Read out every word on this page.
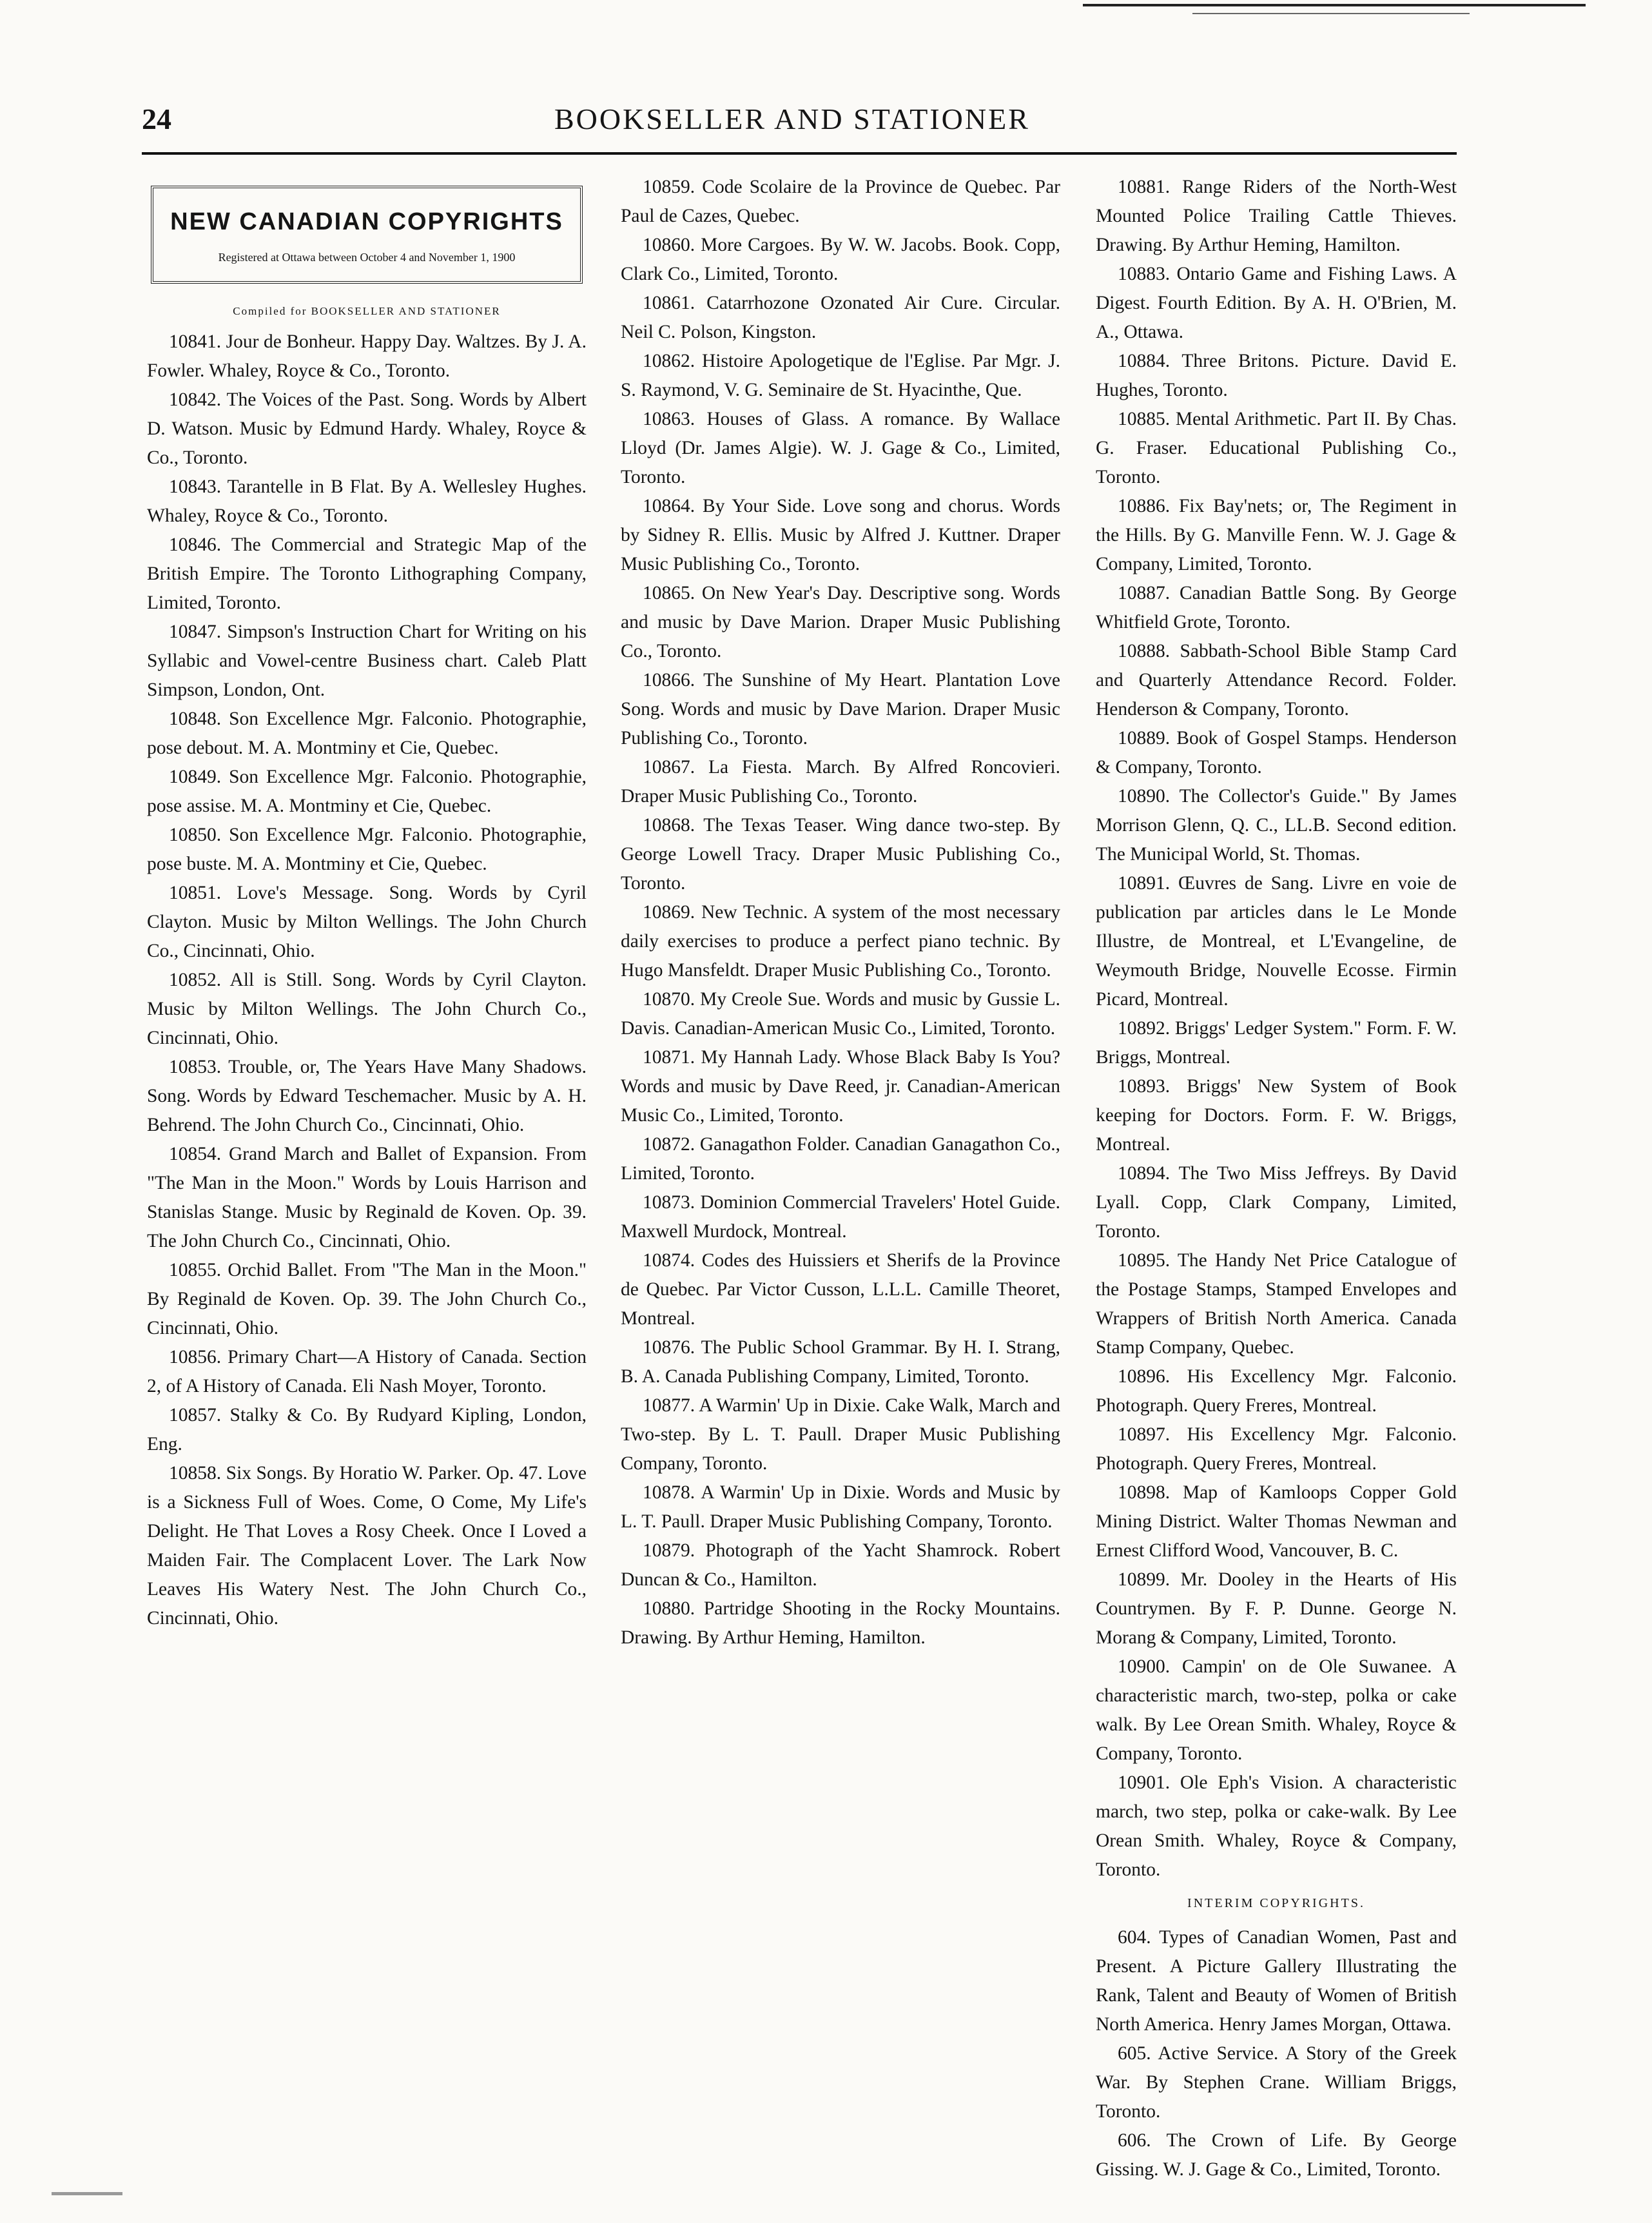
24	BOOKSELLER AND STATIONER
NEW CANADIAN COPYRIGHTS
Registered at Ottawa between October 4 and November 1, 1900
Compiled for BOOKSELLER AND STATIONER

10841. Jour de Bonheur. Happy Day. Waltzes. By J. A. Fowler. Whaley, Royce & Co., Toronto.

10842. The Voices of the Past. Song. Words by Albert D. Watson. Music by Edmund Hardy. Whaley, Royce & Co., Toronto.

10843. Tarantelle in B Flat. By A. Wellesley Hughes. Whaley, Royce & Co., Toronto.

10846. The Commercial and Strategic Map of the British Empire. The Toronto Lithographing Company, Limited, Toronto.

10847. Simpson's Instruction Chart for Writing on his Syllabic and Vowel-centre Business chart. Caleb Platt Simpson, London, Ont.

10848. Son Excellence Mgr. Falconio. Photographie, pose debout. M. A. Montminy et Cie, Quebec.

10849. Son Excellence Mgr. Falconio. Photographie, pose assise. M. A. Montminy et Cie, Quebec.

10850. Son Excellence Mgr. Falconio. Photographie, pose buste. M. A. Montminy et Cie, Quebec.

10851. Love's Message. Song. Words by Cyril Clayton. Music by Milton Wellings. The John Church Co., Cincinnati, Ohio.

10852. All is Still. Song. Words by Cyril Clayton. Music by Milton Wellings. The John Church Co., Cincinnati, Ohio.

10853. Trouble, or, The Years Have Many Shadows. Song. Words by Edward Teschemacher. Music by A. H. Behrend. The John Church Co., Cincinnati, Ohio.

10854. Grand March and Ballet of Expansion. From "The Man in the Moon." Words by Louis Harrison and Stanislas Stange. Music by Reginald de Koven. Op. 39. The John Church Co., Cincinnati, Ohio.

10855. Orchid Ballet. From "The Man in the Moon." By Reginald de Koven. Op. 39. The John Church Co., Cincinnati, Ohio.

10856. Primary Chart—A History of Canada. Section 2, of A History of Canada. Eli Nash Moyer, Toronto.

10857. Stalky & Co. By Rudyard Kipling, London, Eng.

10858. Six Songs. By Horatio W. Parker. Op. 47. Love is a Sickness Full of Woes. Come, O Come, My Life's Delight. He That Loves a Rosy Cheek. Once I Loved a Maiden Fair. The Complacent Lover. The Lark Now Leaves His Watery Nest. The John Church Co., Cincinnati, Ohio.

10859. Code Scolaire de la Province de Quebec. Par Paul de Cazes, Quebec.

10860. More Cargoes. By W. W. Jacobs. Book. Copp, Clark Co., Limited, Toronto.

10861. Catarrhozone Ozonated Air Cure. Circular. Neil C. Polson, Kingston.

10862. Histoire Apologetique de l'Eglise. Par Mgr. J. S. Raymond, V. G. Seminaire de St. Hyacinthe, Que.

10863. Houses of Glass. A romance. By Wallace Lloyd (Dr. James Algie). W. J. Gage & Co., Limited, Toronto.

10864. By Your Side. Love song and chorus. Words by Sidney R. Ellis. Music by Alfred J. Kuttner. Draper Music Publishing Co., Toronto.

10865. On New Year's Day. Descriptive song. Words and music by Dave Marion. Draper Music Publishing Co., Toronto.

10866. The Sunshine of My Heart. Plantation Love Song. Words and music by Dave Marion. Draper Music Publishing Co., Toronto.

10867. La Fiesta. March. By Alfred Roncovieri. Draper Music Publishing Co., Toronto.

10868. The Texas Teaser. Wing dance two-step. By George Lowell Tracy. Draper Music Publishing Co., Toronto.

10869. New Technic. A system of the most necessary daily exercises to produce a perfect piano technic. By Hugo Mansfeldt. Draper Music Publishing Co., Toronto.

10870. My Creole Sue. Words and music by Gussie L. Davis. Canadian-American Music Co., Limited, Toronto.

10871. My Hannah Lady. Whose Black Baby Is You? Words and music by Dave Reed, jr. Canadian-American Music Co., Limited, Toronto.

10872. Ganagathon Folder. Canadian Ganagathon Co., Limited, Toronto.

10873. Dominion Commercial Travelers' Hotel Guide. Maxwell Murdock, Montreal.

10874. Codes des Huissiers et Sherifs de la Province de Quebec. Par Victor Cusson, L.L.L. Camille Theoret, Montreal.

10876. The Public School Grammar. By H. I. Strang, B. A. Canada Publishing Company, Limited, Toronto.

10877. A Warmin' Up in Dixie. Cake Walk, March and Two-step. By L. T. Paull. Draper Music Publishing Company, Toronto.

10878. A Warmin' Up in Dixie. Words and Music by L. T. Paull. Draper Music Publishing Company, Toronto.

10879. Photograph of the Yacht Shamrock. Robert Duncan & Co., Hamilton.

10880. Partridge Shooting in the Rocky Mountains. Drawing. By Arthur Heming, Hamilton.

10881. Range Riders of the North-West Mounted Police Trailing Cattle Thieves. Drawing. By Arthur Heming, Hamilton.

10883. Ontario Game and Fishing Laws. A Digest. Fourth Edition. By A. H. O'Brien, M. A., Ottawa.

10884. Three Britons. Picture. David E. Hughes, Toronto.

10885. Mental Arithmetic. Part II. By Chas. G. Fraser. Educational Publishing Co., Toronto.

10886. Fix Bay'nets; or, The Regiment in the Hills. By G. Manville Fenn. W. J. Gage & Company, Limited, Toronto.

10887. Canadian Battle Song. By George Whitfield Grote, Toronto.

10888. Sabbath-School Bible Stamp Card and Quarterly Attendance Record. Folder. Henderson & Company, Toronto.

10889. Book of Gospel Stamps. Henderson & Company, Toronto.

10890. The Collector's Guide." By James Morrison Glenn, Q. C., LL.B. Second edition. The Municipal World, St. Thomas.

10891. Œuvres de Sang. Livre en voie de publication par articles dans le Le Monde Illustre, de Montreal, et L'Evangeline, de Weymouth Bridge, Nouvelle Ecosse. Firmin Picard, Montreal.

10892. Briggs' Ledger System." Form. F. W. Briggs, Montreal.

10893. Briggs' New System of Book keeping for Doctors. Form. F. W. Briggs, Montreal.

10894. The Two Miss Jeffreys. By David Lyall. Copp, Clark Company, Limited, Toronto.

10895. The Handy Net Price Catalogue of the Postage Stamps, Stamped Envelopes and Wrappers of British North America. Canada Stamp Company, Quebec.

10896. His Excellency Mgr. Falconio. Photograph. Query Freres, Montreal.

10897. His Excellency Mgr. Falconio. Photograph. Query Freres, Montreal.

10898. Map of Kamloops Copper Gold Mining District. Walter Thomas Newman and Ernest Clifford Wood, Vancouver, B. C.

10899. Mr. Dooley in the Hearts of His Countrymen. By F. P. Dunne. George N. Morang & Company, Limited, Toronto.

10900. Campin' on de Ole Suwanee. A characteristic march, two-step, polka or cake walk. By Lee Orean Smith. Whaley, Royce & Company, Toronto.

10901. Ole Eph's Vision. A characteristic march, two step, polka or cake-walk. By Lee Orean Smith. Whaley, Royce & Company, Toronto.

INTERIM COPYRIGHTS.

604. Types of Canadian Women, Past and Present. A Picture Gallery Illustrating the Rank, Talent and Beauty of Women of British North America. Henry James Morgan, Ottawa.

605. Active Service. A Story of the Greek War. By Stephen Crane. William Briggs, Toronto.

606. The Crown of Life. By George Gissing. W. J. Gage & Co., Limited, Toronto.
